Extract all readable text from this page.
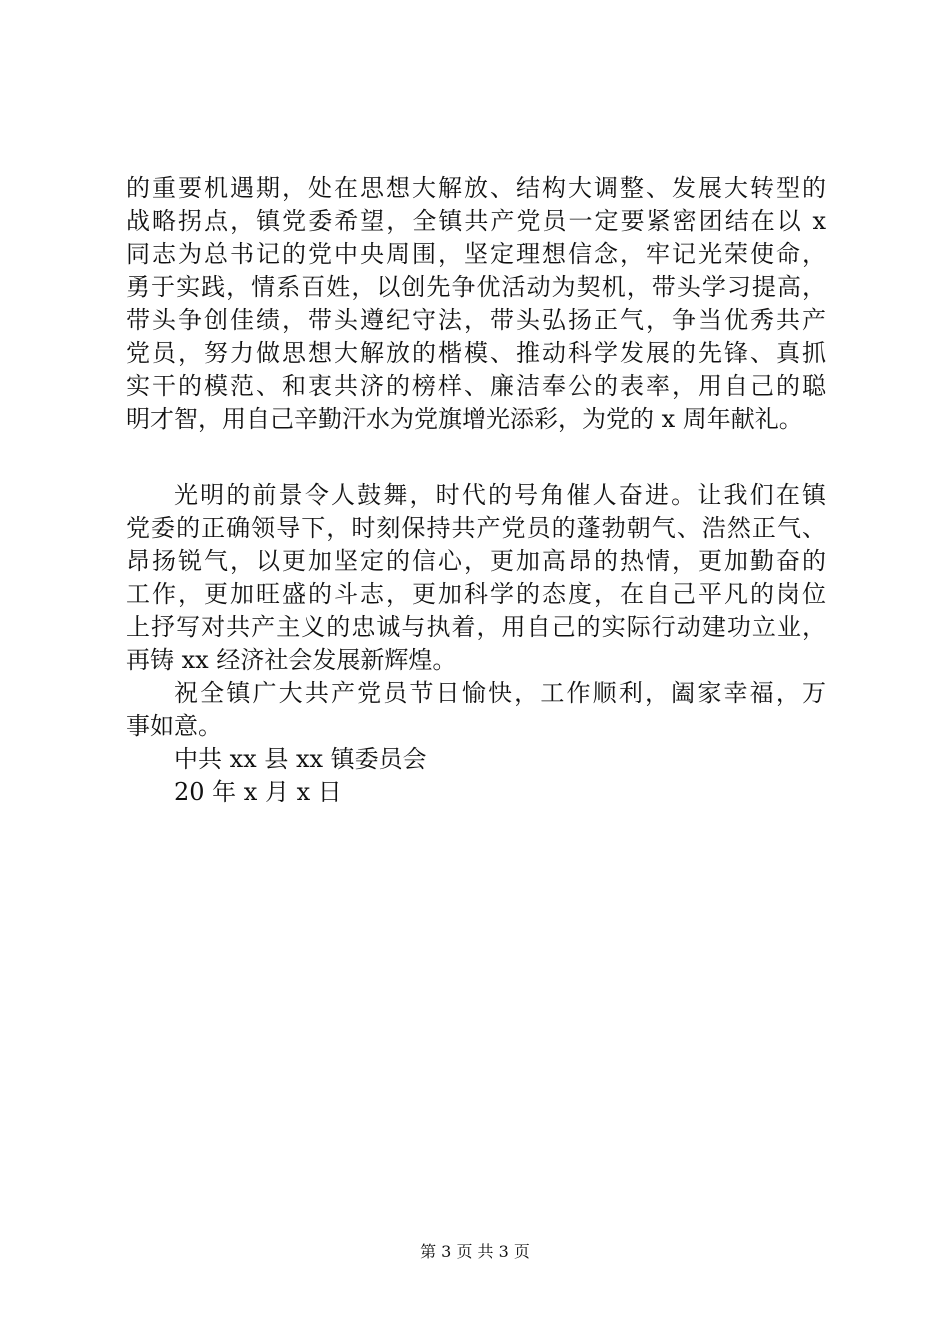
的重要机遇期，处在思想大解放、结构大调整、发展大转型的
战略拐点，镇党委希望，全镇共产党员一定要紧密团结在以 x
同志为总书记的党中央周围，坚定理想信念，牢记光荣使命，
勇于实践，情系百姓，以创先争优活动为契机，带头学习提高，
带头争创佳绩，带头遵纪守法，带头弘扬正气，争当优秀共产
党员，努力做思想大解放的楷模、推动科学发展的先锋、真抓
实干的模范、和衷共济的榜样、廉洁奉公的表率，用自己的聪
明才智，用自己辛勤汗水为党旗增光添彩，为党的 x 周年献礼。
光明的前景令人鼓舞，时代的号角催人奋进。让我们在镇
党委的正确领导下，时刻保持共产党员的蓬勃朝气、浩然正气、
昂扬锐气，以更加坚定的信心，更加高昂的热情，更加勤奋的
工作，更加旺盛的斗志，更加科学的态度，在自己平凡的岗位
上抒写对共产主义的忠诚与执着，用自己的实际行动建功立业，
再铸 xx 经济社会发展新辉煌。
祝全镇广大共产党员节日愉快，工作顺利，阖家幸福，万
事如意。
中共 xx 县 xx 镇委员会
20 年 x 月 x 日
第 3 页 共 3 页
